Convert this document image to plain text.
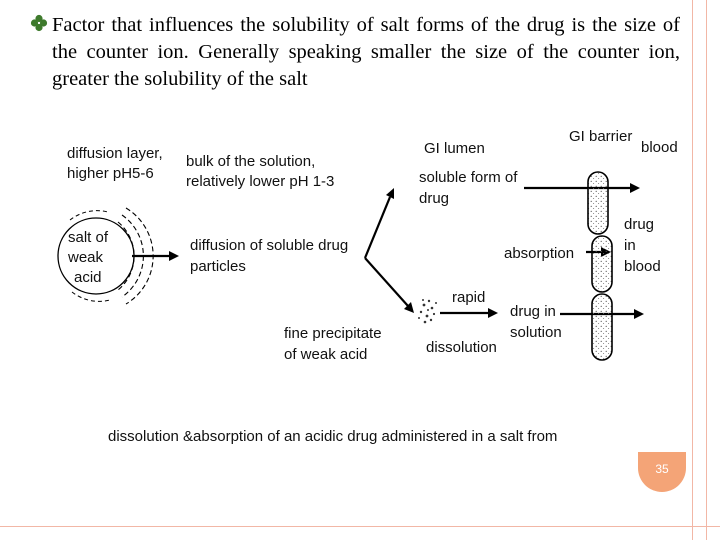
Factor that influences the solubility of salt forms of the drug is the size of the counter ion. Generally speaking smaller the size of the counter ion, greater the solubility of the salt

diffusion layer,
higher pH5-6
bulk of the solution,
relatively lower pH 1-3
salt of
weak
acid
diffusion of soluble drug
particles
GI lumen
GI barrier
blood
soluble form of
drug
drug
in
blood
absorption
rapid
drug in
solution
dissolution
fine precipitate
of weak acid
dissolution &absorption of an acidic drug administered in a salt from
35
